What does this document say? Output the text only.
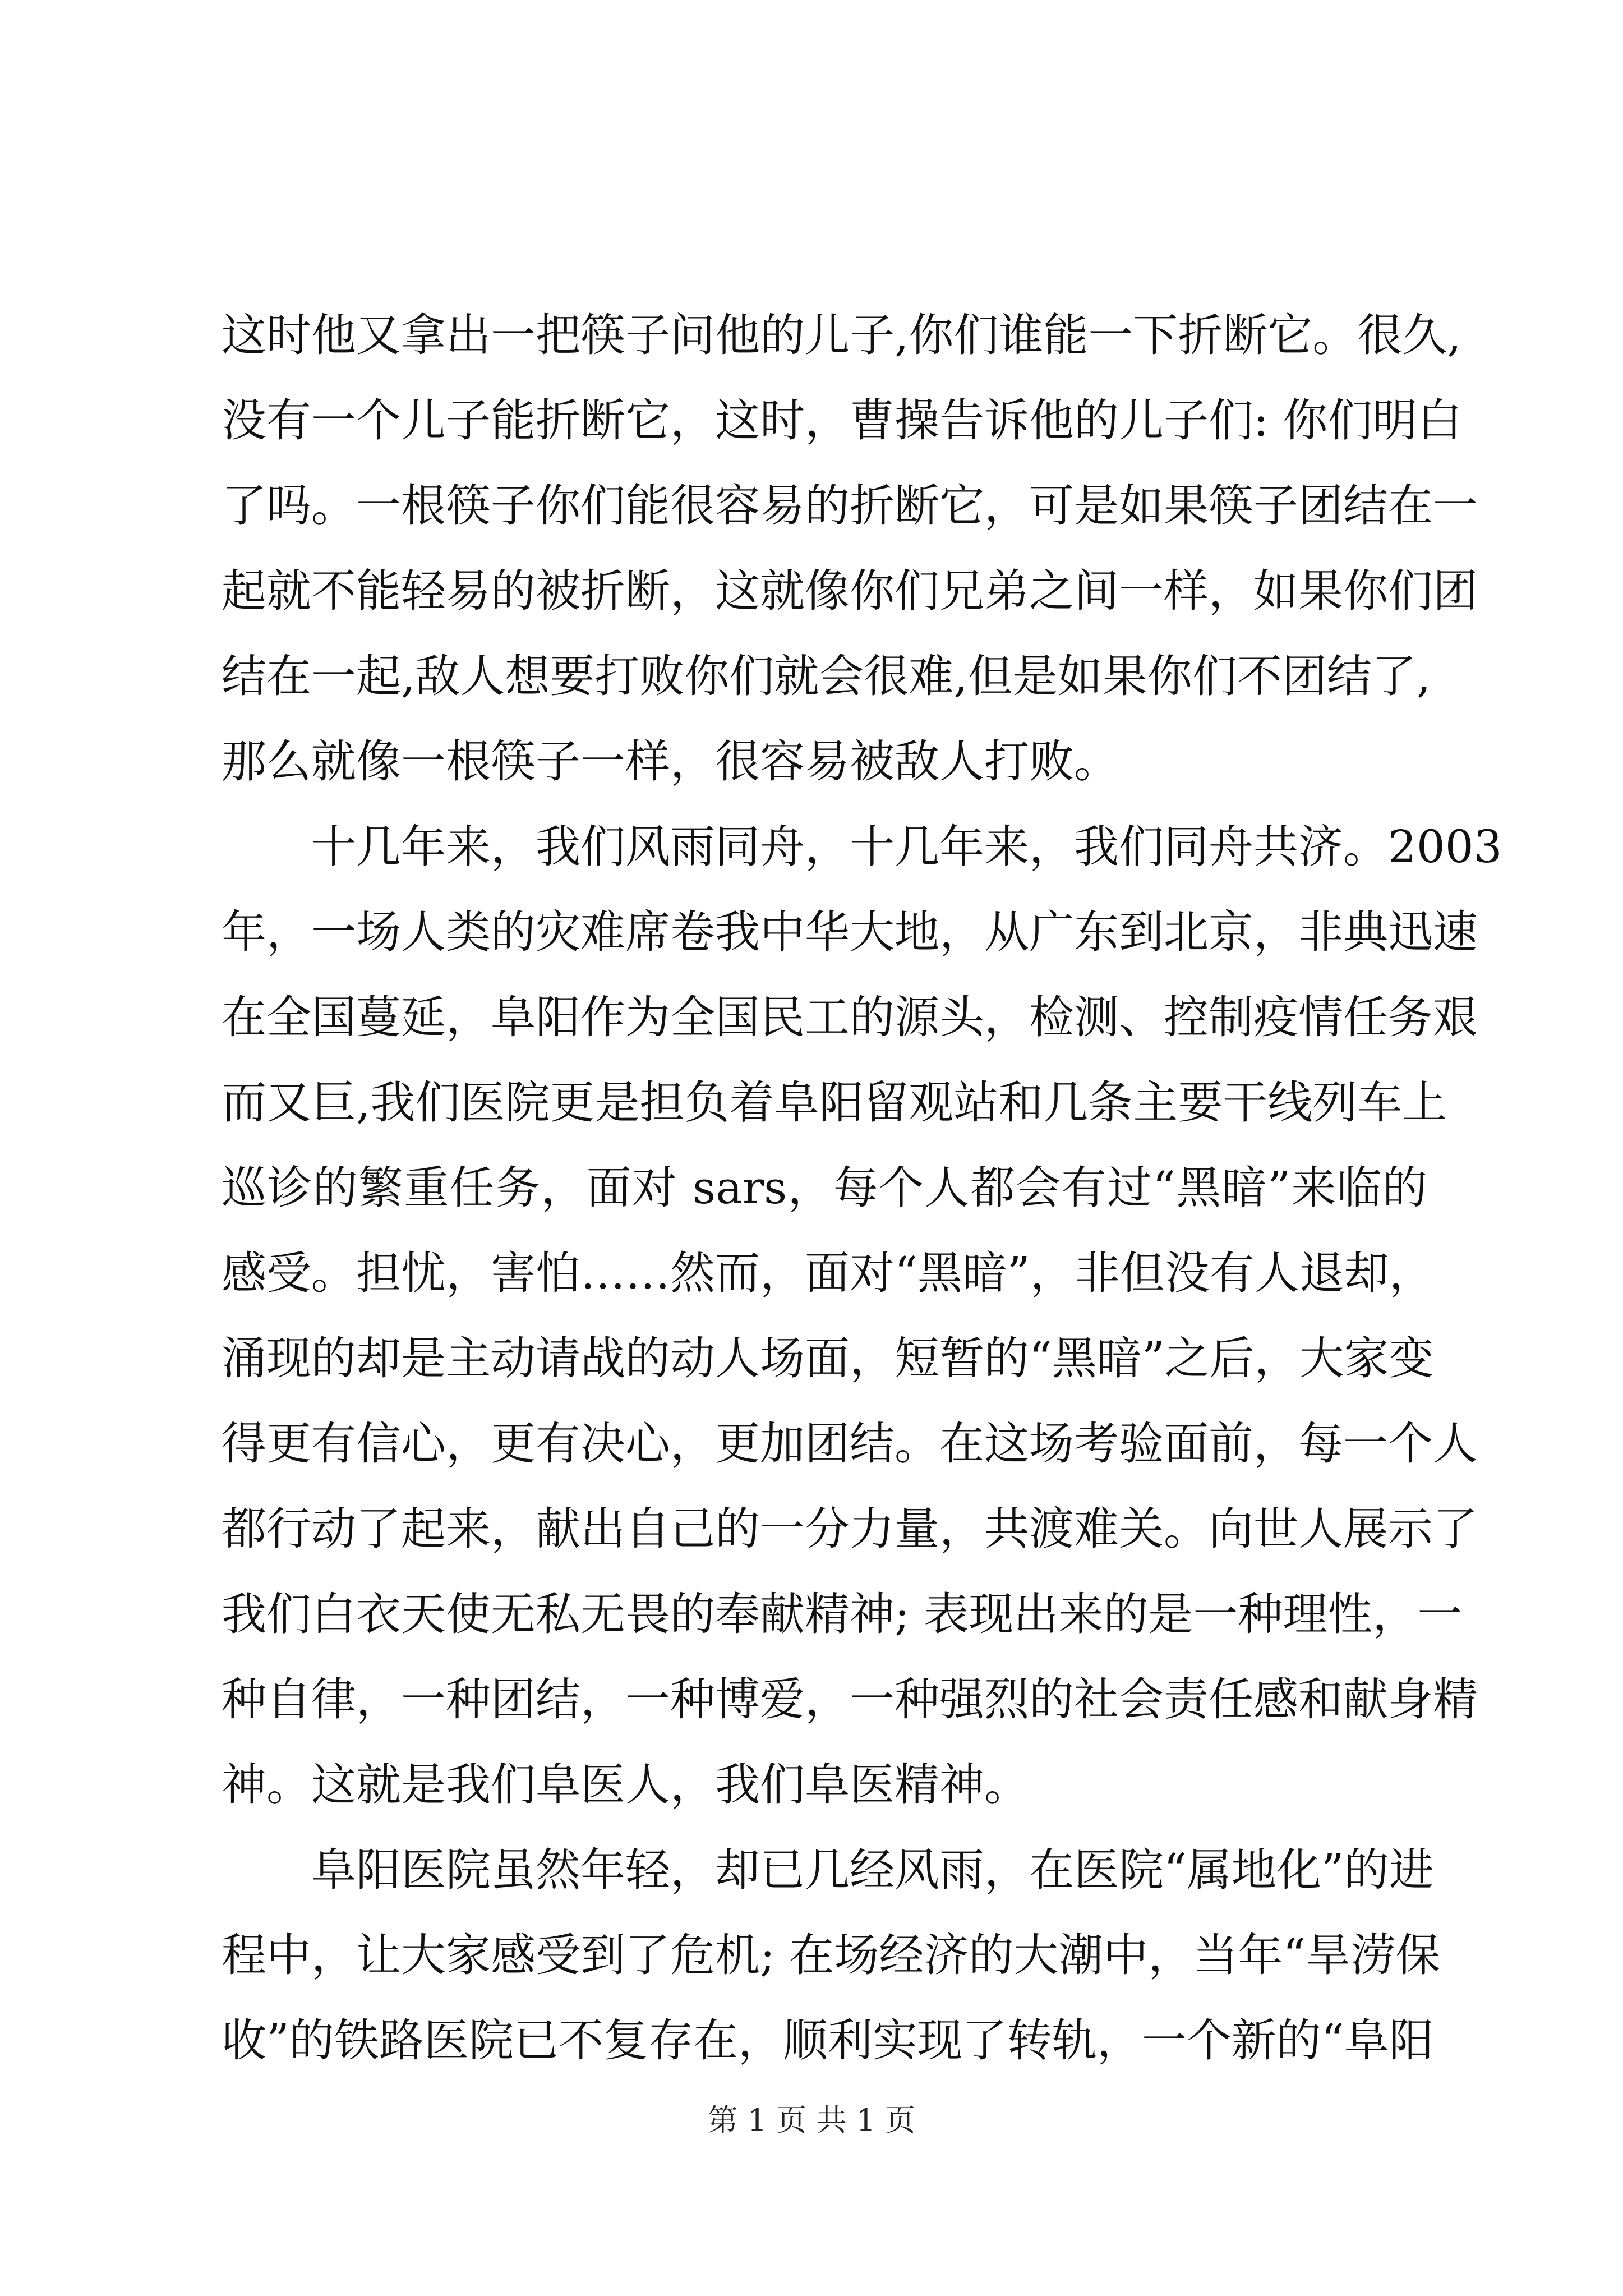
这时他又拿出一把筷子问他的儿子,你们谁能一下折断它。很久,
没有一个儿子能折断它，这时，曹操告诉他的儿子们: 你们明白
了吗。一根筷子你们能很容易的折断它，可是如果筷子团结在一
起就不能轻易的被折断，这就像你们兄弟之间一样，如果你们团
结在一起,敌人想要打败你们就会很难,但是如果你们不团结了,
那么就像一根筷子一样，很容易被敌人打败。
十几年来，我们风雨同舟，十几年来，我们同舟共济。2003
年，一场人类的灾难席卷我中华大地，从广东到北京，非典迅速
在全国蔓延，阜阳作为全国民工的源头，检测、控制疫情任务艰
而又巨,我们医院更是担负着阜阳留观站和几条主要干线列车上
巡诊的繁重任务，面对 sars，每个人都会有过“黑暗”来临的
感受。担忧，害怕……然而，面对“黑暗”，非但没有人退却，
涌现的却是主动请战的动人场面，短暂的“黑暗”之后，大家变
得更有信心，更有决心，更加团结。在这场考验面前，每一个人
都行动了起来，献出自己的一分力量，共渡难关。向世人展示了
我们白衣天使无私无畏的奉献精神; 表现出来的是一种理性，一
种自律，一种团结，一种博爱，一种强烈的社会责任感和献身精
神。这就是我们阜医人，我们阜医精神。
阜阳医院虽然年轻，却已几经风雨，在医院“属地化”的进
程中，让大家感受到了危机; 在场经济的大潮中，当年“旱涝保
收”的铁路医院已不复存在，顺利实现了转轨，一个新的“阜阳
第 1 页 共 1 页
